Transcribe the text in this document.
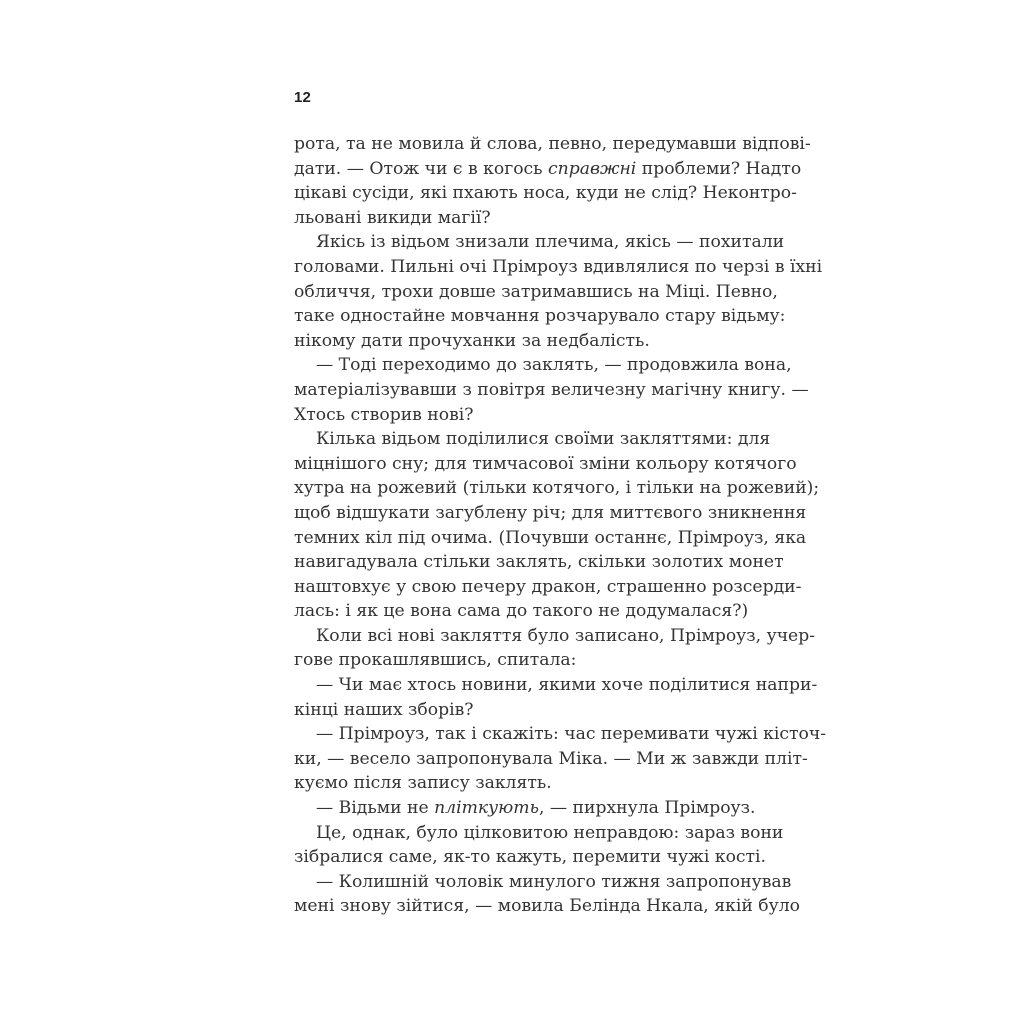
12
рота, та не мовила й слова, певно, передумавши відпові-
дати. — Отож чи є в когось справжні проблеми? Надто
цікаві сусіди, які пхають носа, куди не слід? Неконтро-
льовані викиди магії?
Якісь із відьом знизали плечима, якісь — похитали
головами. Пильні очі Прімроуз вдивлялися по черзі в їхні
обличчя, трохи довше затримавшись на Міці. Певно,
таке одностайне мовчання розчарувало стару відьму:
нікому дати прочуханки за недбалість.
— Тоді переходимо до заклять, — продовжила вона,
матеріалізувавши з повітря величезну магічну книгу. —
Хтось створив нові?
Кілька відьом поділилися своїми закляттями: для
міцнішого сну; для тимчасової зміни кольору котячого
хутра на рожевий (тільки котячого, і тільки на рожевий);
щоб відшукати загублену річ; для миттєвого зникнення
темних кіл під очима. (Почувши останнє, Прімроуз, яка
навигадувала стільки заклять, скільки золотих монет
наштовхує у свою печеру дракон, страшенно розсерди-
лась: і як це вона сама до такого не додумалася?)
Коли всі нові закляття було записано, Прімроуз, учер-
гове прокашлявшись, спитала:
— Чи має хтось новини, якими хоче поділитися напри-
кінці наших зборів?
— Прімроуз, так і скажіть: час перемивати чужі кісточ-
ки, — весело запропонувала Міка. — Ми ж завжди пліт-
куємо після запису заклять.
— Відьми не пліткують, — пирхнула Прімроуз.
Це, однак, було цілковитою неправдою: зараз вони
зібралися саме, як-то кажуть, перемити чужі кості.
— Колишній чоловік минулого тижня запропонував
мені знову зійтися, — мовила Белінда Нкала, якій було
